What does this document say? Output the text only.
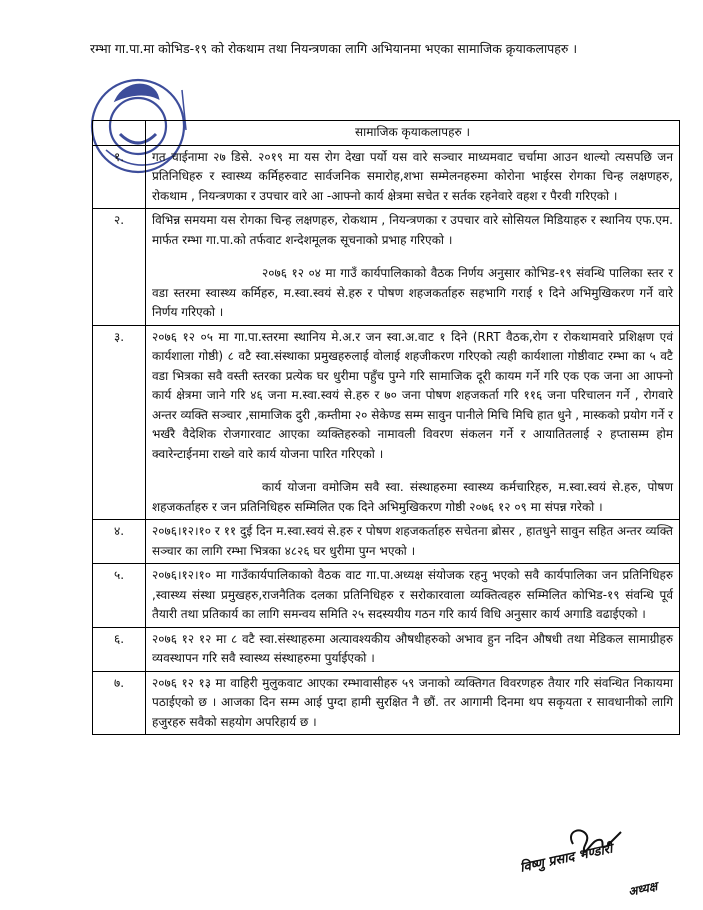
रम्भा गा.पा.मा कोभिड-१९ को रोकथाम तथा नियन्त्रणका लागि अभियानमा भएका सामाजिक क्रृयाकलापहरु ।
	सामाजिक कृयाकलापहरु ।
१.	गत चाईनामा २७ डिसे. २०१९ मा यस रोग देखा पर्यो यस वारे सञ्चार माध्यमवाट चर्चामा आउन थाल्यो त्यसपछि जन प्रतिनिधिहरु र स्वास्थ्य कर्मिहरुवाट सार्वजनिक समारोह,शभा सम्मेलनहरुमा कोरोना भाईरस रोगका चिन्ह लक्षणहरु, रोकथाम , नियन्त्रणका र उपचार वारे आ -आफ्नो कार्य क्षेत्रमा सचेत र सर्तक रहनेवारे वहश र पैरवी गरिएको ।

२.	विभिन्न समयमा यस रोगका चिन्ह लक्षणहरु, रोकथाम , नियन्त्रणका र उपचार वारे सोसियल मिडियाहरु र स्थानिय एफ.एम. मार्फत रम्भा गा.पा.को तर्फवाट शन्देशमूलक सूचनाको प्रभाह गरिएको ।
२०७६ १२ ०४ मा गाउँ कार्यपालिकाको वैठक निर्णय अनुसार कोभिड-१९ संवन्धि पालिका स्तर र वडा स्तरमा स्वास्थ्य कर्मिहरु, म.स्वा.स्वयं से.हरु र पोषण शहजकर्ताहरु सहभागि गराई १ दिने अभिमुखिकरण गर्ने वारे निर्णय गरिएको ।

३.	२०७६ १२ ०५ मा गा.पा.स्तरमा स्थानिय मे.अ.र जन स्वा.अ.वाट १ दिने (RRT वैठक,रोग र रोकथामवारे प्रशिक्षण एवं कार्यशाला गोष्ठी) ८ वटै स्वा.संस्थाका प्रमुखहरुलाई वोलाई शहजीकरण गरिएको त्यही कार्यशाला गोष्ठीवाट रम्भा का ५ वटै वडा भित्रका सवै वस्ती स्तरका प्रत्येक घर धुरीमा पहुँच पुग्ने गरि सामाजिक दूरी कायम गर्ने गरि एक एक जना आ आफ्नो कार्य क्षेत्रमा जाने गरि ४६ जना म.स्वा.स्वयं से.हरु र ७० जना पोषण शहजकर्ता गरि ११६ जना परिचालन गर्ने , रोगवारे अन्तर व्यक्ति सञ्चार ,सामाजिक दुरी ,कम्तीमा २० सेकेण्ड सम्म सावुन पानीले मिचि मिचि हात धुने , मास्कको प्रयोग गर्ने र भर्खरै वैदेशिक रोजगारवाट आएका व्यक्तिहरुको नामावली विवरण संकलन गर्ने र आयातितलाई २ हप्तासम्म होम क्वारेन्टाईनमा राख्ने वारे कार्य योजना पारित गरिएको ।
कार्य योजना वमोजिम सवै स्वा. संस्थाहरुमा स्वास्थ्य कर्मचारिहरु, म.स्वा.स्वयं से.हरु, पोषण शहजकर्ताहरु र जन प्रतिनिधिहरु सम्मिलित एक दिने अभिमुखिकरण गोष्ठी २०७६ १२ ०९ मा संपन्न गरेको ।

४.	२०७६।१२।१० र ११ दुई दिन म.स्वा.स्वयं से.हरु र पोषण शहजकर्ताहरु सचेतना ब्रोसर , हातधुने सावुन सहित अन्तर व्यक्ति सञ्चार का लागि रम्भा भित्रका ४८२६ घर धुरीमा पुग्न भएको ।

५.	२०७६।१२।१० मा गाउँकार्यपालिकाको वैठक वाट गा.पा.अध्यक्ष संयोजक रहनु भएको सवै कार्यपालिका जन प्रतिनिधिहरु ,स्वास्थ्य संस्था प्रमुखहरु,राजनैतिक दलका प्रतिनिधिहरु र सरोकारवाला व्यक्तित्वहरु सम्मिलित कोभिड-१९ संवन्धि पूर्व तैयारी तथा प्रतिकार्य का लागि समन्वय समिति २५ सदस्ययीय गठन गरि कार्य विधि अनुसार कार्य अगाडि वढाईएको ।

६.	२०७६ १२ १२ मा ८ वटै स्वा.संस्थाहरुमा अत्यावश्यकीय औषधीहरुको अभाव हुन नदिन औषधी तथा मेडिकल सामाग्रीहरु व्यवस्थापन गरि सवै स्वास्थ्य संस्थाहरुमा पुर्याईएको ।

७.	२०७६ १२ १३ मा वाहिरी मुलुकवाट आएका रम्भावासीहरु ५९ जनाको व्यक्तिगत विवरणहरु तैयार गरि संवन्धित निकायमा पठाईएको छ । आजका दिन सम्म आई पुग्दा हामी सुरक्षित नै छौं. तर आगामी दिनमा थप सकृयता र सावधानीको लागि हजुरहरु सवैको सहयोग अपरिहार्य छ ।
विष्णु प्रसाद भण्डारी
अध्यक्ष
